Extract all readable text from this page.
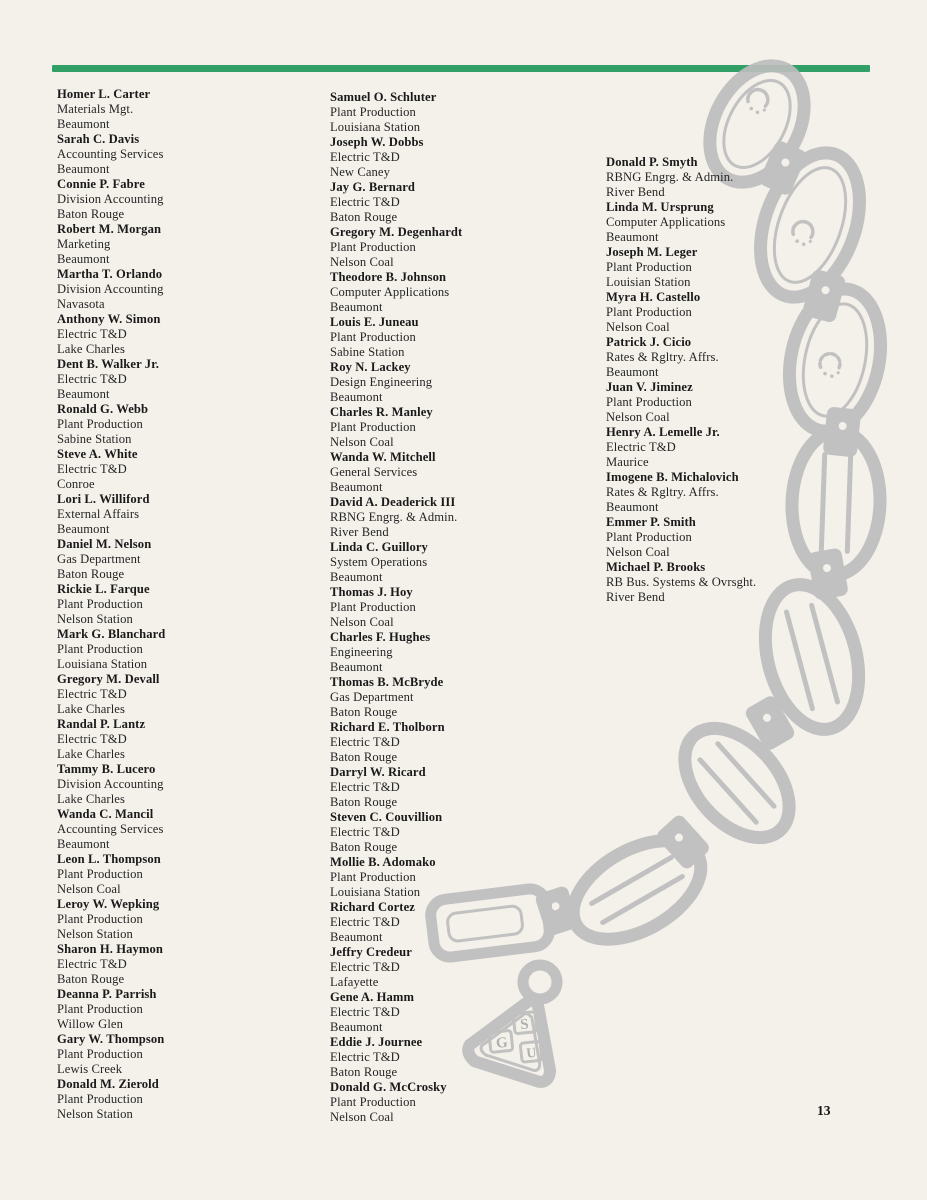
G
S
U
Homer L. Carter
Materials Mgt.
Beaumont
Sarah C. Davis
Accounting Services
Beaumont
Connie P. Fabre
Division Accounting
Baton Rouge
Robert M. Morgan
Marketing
Beaumont
Martha T. Orlando
Division Accounting
Navasota
Anthony W. Simon
Electric T&D
Lake Charles
Dent B. Walker Jr.
Electric T&D
Beaumont
Ronald G. Webb
Plant Production
Sabine Station
Steve A. White
Electric T&D
Conroe
Lori L. Williford
External Affairs
Beaumont
Daniel M. Nelson
Gas Department
Baton Rouge
Rickie L. Farque
Plant Production
Nelson Station
Mark G. Blanchard
Plant Production
Louisiana Station
Gregory M. Devall
Electric T&D
Lake Charles
Randal P. Lantz
Electric T&D
Lake Charles
Tammy B. Lucero
Division Accounting
Lake Charles
Wanda C. Mancil
Accounting Services
Beaumont
Leon L. Thompson
Plant Production
Nelson Coal
Leroy W. Wepking
Plant Production
Nelson Station
Sharon H. Haymon
Electric T&D
Baton Rouge
Deanna P. Parrish
Plant Production
Willow Glen
Gary W. Thompson
Plant Production
Lewis Creek
Donald M. Zierold
Plant Production
Nelson Station
Samuel O. Schluter
Plant Production
Louisiana Station
Joseph W. Dobbs
Electric T&D
New Caney
Jay G. Bernard
Electric T&D
Baton Rouge
Gregory M. Degenhardt
Plant Production
Nelson Coal
Theodore B. Johnson
Computer Applications
Beaumont
Louis E. Juneau
Plant Production
Sabine Station
Roy N. Lackey
Design Engineering
Beaumont
Charles R. Manley
Plant Production
Nelson Coal
Wanda W. Mitchell
General Services
Beaumont
David A. Deaderick III
RBNG Engrg. & Admin.
River Bend
Linda C. Guillory
System Operations
Beaumont
Thomas J. Hoy
Plant Production
Nelson Coal
Charles F. Hughes
Engineering
Beaumont
Thomas B. McBryde
Gas Department
Baton Rouge
Richard E. Tholborn
Electric T&D
Baton Rouge
Darryl W. Ricard
Electric T&D
Baton Rouge
Steven C. Couvillion
Electric T&D
Baton Rouge
Mollie B. Adomako
Plant Production
Louisiana Station
Richard Cortez
Electric T&D
Beaumont
Jeffry Credeur
Electric T&D
Lafayette
Gene A. Hamm
Electric T&D
Beaumont
Eddie J. Journee
Electric T&D
Baton Rouge
Donald G. McCrosky
Plant Production
Nelson Coal
Donald P. Smyth
RBNG Engrg. & Admin.
River Bend
Linda M. Ursprung
Computer Applications
Beaumont
Joseph M. Leger
Plant Production
Louisian Station
Myra H. Castello
Plant Production
Nelson Coal
Patrick J. Cicio
Rates & Rgltry. Affrs.
Beaumont
Juan V. Jiminez
Plant Production
Nelson Coal
Henry A. Lemelle Jr.
Electric T&D
Maurice
Imogene B. Michalovich
Rates & Rgltry. Affrs.
Beaumont
Emmer P. Smith
Plant Production
Nelson Coal
Michael P. Brooks
RB Bus. Systems & Ovrsght.
River Bend
13
